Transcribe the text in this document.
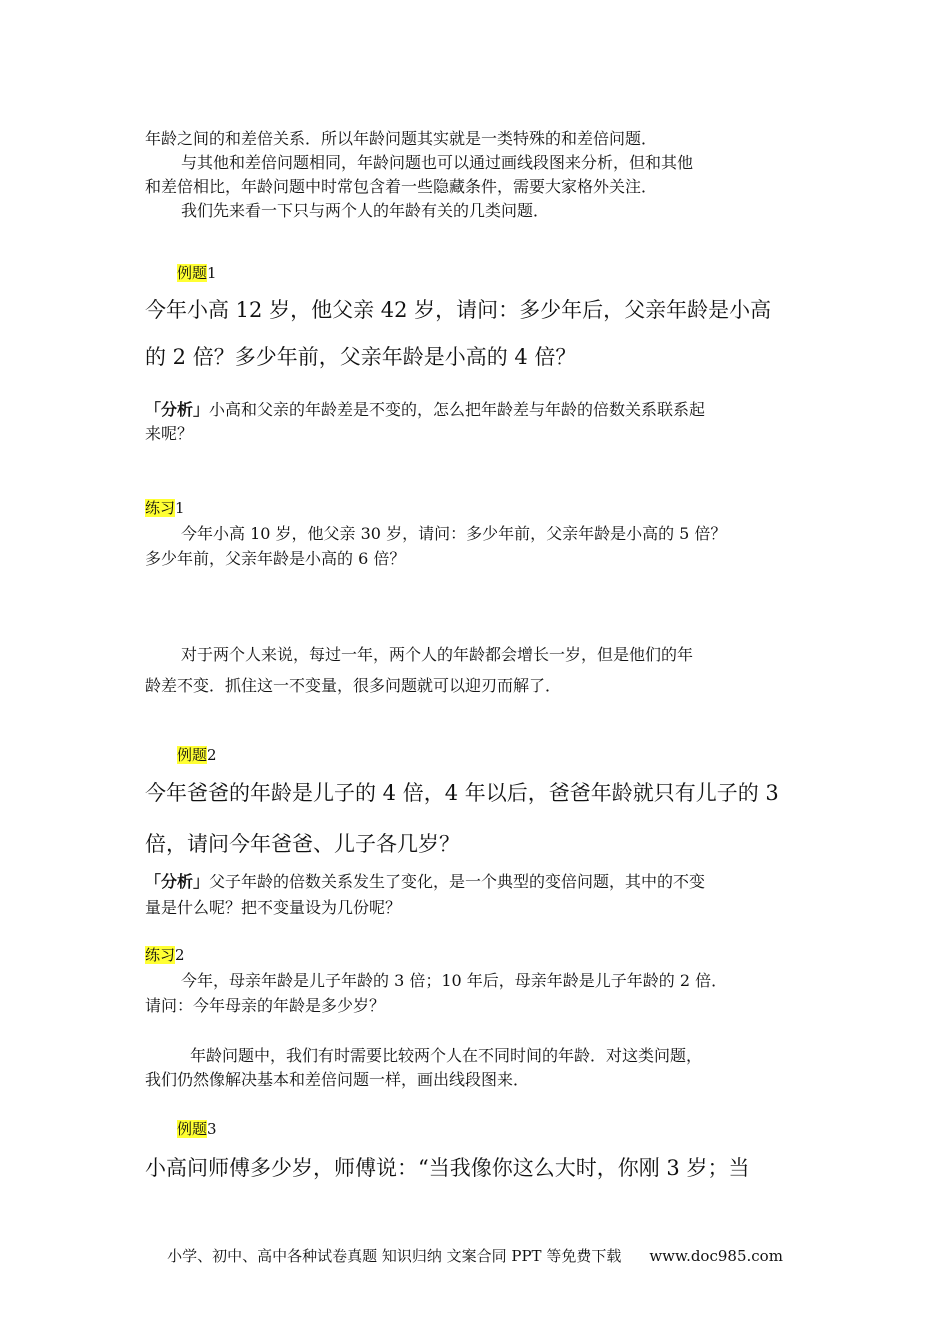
年龄之间的和差倍关系．所以年龄问题其实就是一类特殊的和差倍问题．
与其他和差倍问题相同，年龄问题也可以通过画线段图来分析，但和其他
和差倍相比，年龄问题中时常包含着一些隐藏条件，需要大家格外关注．
我们先来看一下只与两个人的年龄有关的几类问题．
例题1
今年小高 12 岁，他父亲 42 岁，请问：多少年后，父亲年龄是小高
的 2 倍？多少年前，父亲年龄是小高的 4 倍？
「分析」小高和父亲的年龄差是不变的，怎么把年龄差与年龄的倍数关系联系起
来呢？
练习1
今年小高 10 岁，他父亲 30 岁，请问：多少年前，父亲年龄是小高的 5 倍？
多少年前，父亲年龄是小高的 6 倍？
对于两个人来说，每过一年，两个人的年龄都会增长一岁，但是他们的年
龄差不变．抓住这一不变量，很多问题就可以迎刃而解了．
例题2
今年爸爸的年龄是儿子的 4 倍，4 年以后，爸爸年龄就只有儿子的 3
倍，请问今年爸爸、儿子各几岁？
「分析」父子年龄的倍数关系发生了变化，是一个典型的变倍问题，其中的不变
量是什么呢？把不变量设为几份呢？
练习2
今年，母亲年龄是儿子年龄的 3 倍；10 年后，母亲年龄是儿子年龄的 2 倍．
请问：今年母亲的年龄是多少岁？
年龄问题中，我们有时需要比较两个人在不同时间的年龄．对这类问题，
我们仍然像解决基本和差倍问题一样，画出线段图来．
例题3
小高问师傅多少岁，师傅说：“当我像你这么大时，你刚 3 岁；当
小学、初中、高中各种试卷真题 知识归纳 文案合同 PPT 等免费下载 www.doc985.com
